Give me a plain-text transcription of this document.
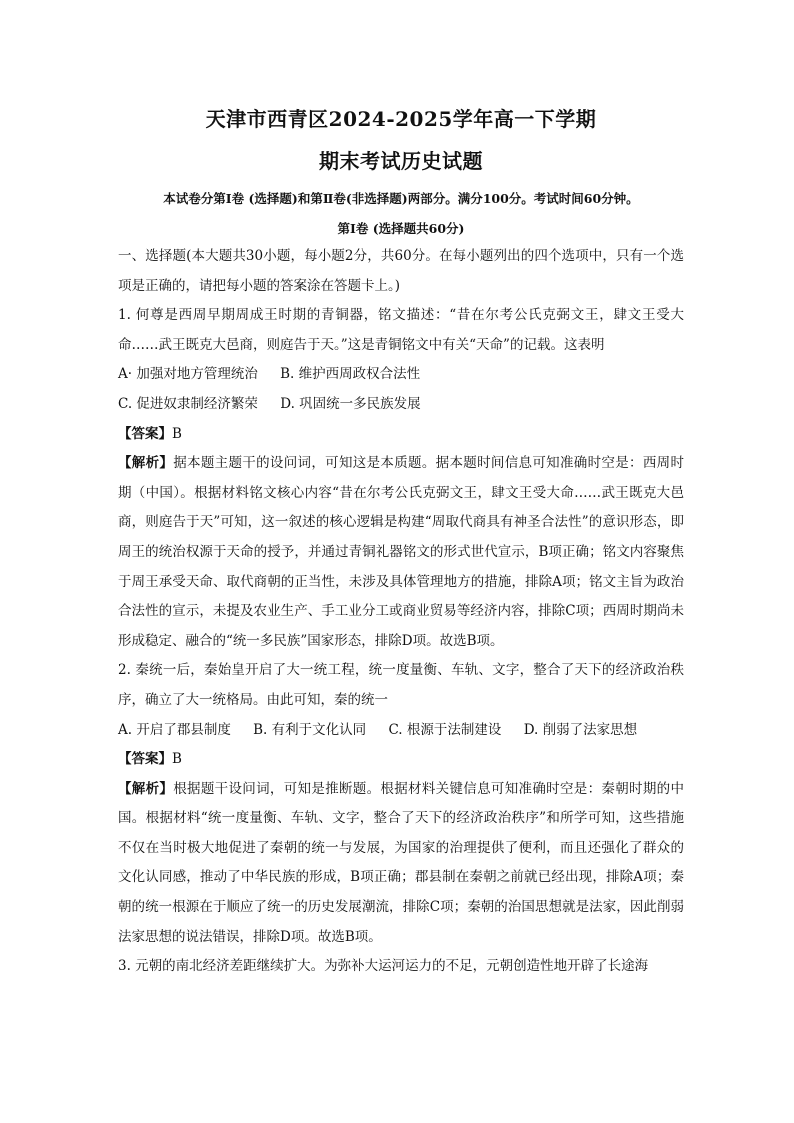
天津市西青区2024-2025学年高一下学期
期末考试历史试题
本试卷分第Ⅰ卷 (选择题)和第Ⅱ卷(非选择题)两部分。满分100分。考试时间60分钟。
第Ⅰ卷 (选择题共60分)

一、选择题(本大题共30小题，每小题2分，共60分。在每小题列出的四个选项中，只有一个选项是正确的，请把每小题的答案涂在答题卡上。)

1. 何尊是西周早期周成王时期的青铜器，铭文描述：“昔在尔考公氏克弼文王，肆文王受大命……武王既克大邑商，则庭告于天。”这是青铜铭文中有关“天命”的记载。这表明

A· 加强对地方管理统治 B. 维护西周政权合法性
C. 促进奴隶制经济繁荣 D. 巩固统一多民族发展

【答案】B

【解析】据本题主题干的设问词，可知这是本质题。据本题时间信息可知准确时空是：西周时期（中国）。根据材料铭文核心内容“昔在尔考公氏克弼文王，肆文王受大命……武王既克大邑商，则庭告于天”可知，这一叙述的核心逻辑是构建“周取代商具有神圣合法性”的意识形态，即周王的统治权源于天命的授予，并通过青铜礼器铭文的形式世代宣示，B项正确；铭文内容聚焦于周王承受天命、取代商朝的正当性，未涉及具体管理地方的措施，排除A项；铭文主旨为政治合法性的宣示，未提及农业生产、手工业分工或商业贸易等经济内容，排除C项；西周时期尚未形成稳定、融合的“统一多民族”国家形态，排除D项。故选B项。

2. 秦统一后，秦始皇开启了大一统工程，统一度量衡、车轨、文字，整合了天下的经济政治秩序，确立了大一统格局。由此可知，秦的统一

A. 开启了郡县制度 B. 有利于文化认同 C. 根源于法制建设 D. 削弱了法家思想

【答案】B

【解析】根据题干设问词，可知是推断题。根据材料关键信息可知准确时空是：秦朝时期的中国。根据材料“统一度量衡、车轨、文字，整合了天下的经济政治秩序”和所学可知，这些措施不仅在当时极大地促进了秦朝的统一与发展，为国家的治理提供了便利，而且还强化了群众的文化认同感，推动了中华民族的形成，B项正确；郡县制在秦朝之前就已经出现，排除A项；秦朝的统一根源在于顺应了统一的历史发展潮流，排除C项；秦朝的治国思想就是法家，因此削弱法家思想的说法错误，排除D项。故选B项。

3. 元朝的南北经济差距继续扩大。为弥补大运河运力的不足，元朝创造性地开辟了长途海
